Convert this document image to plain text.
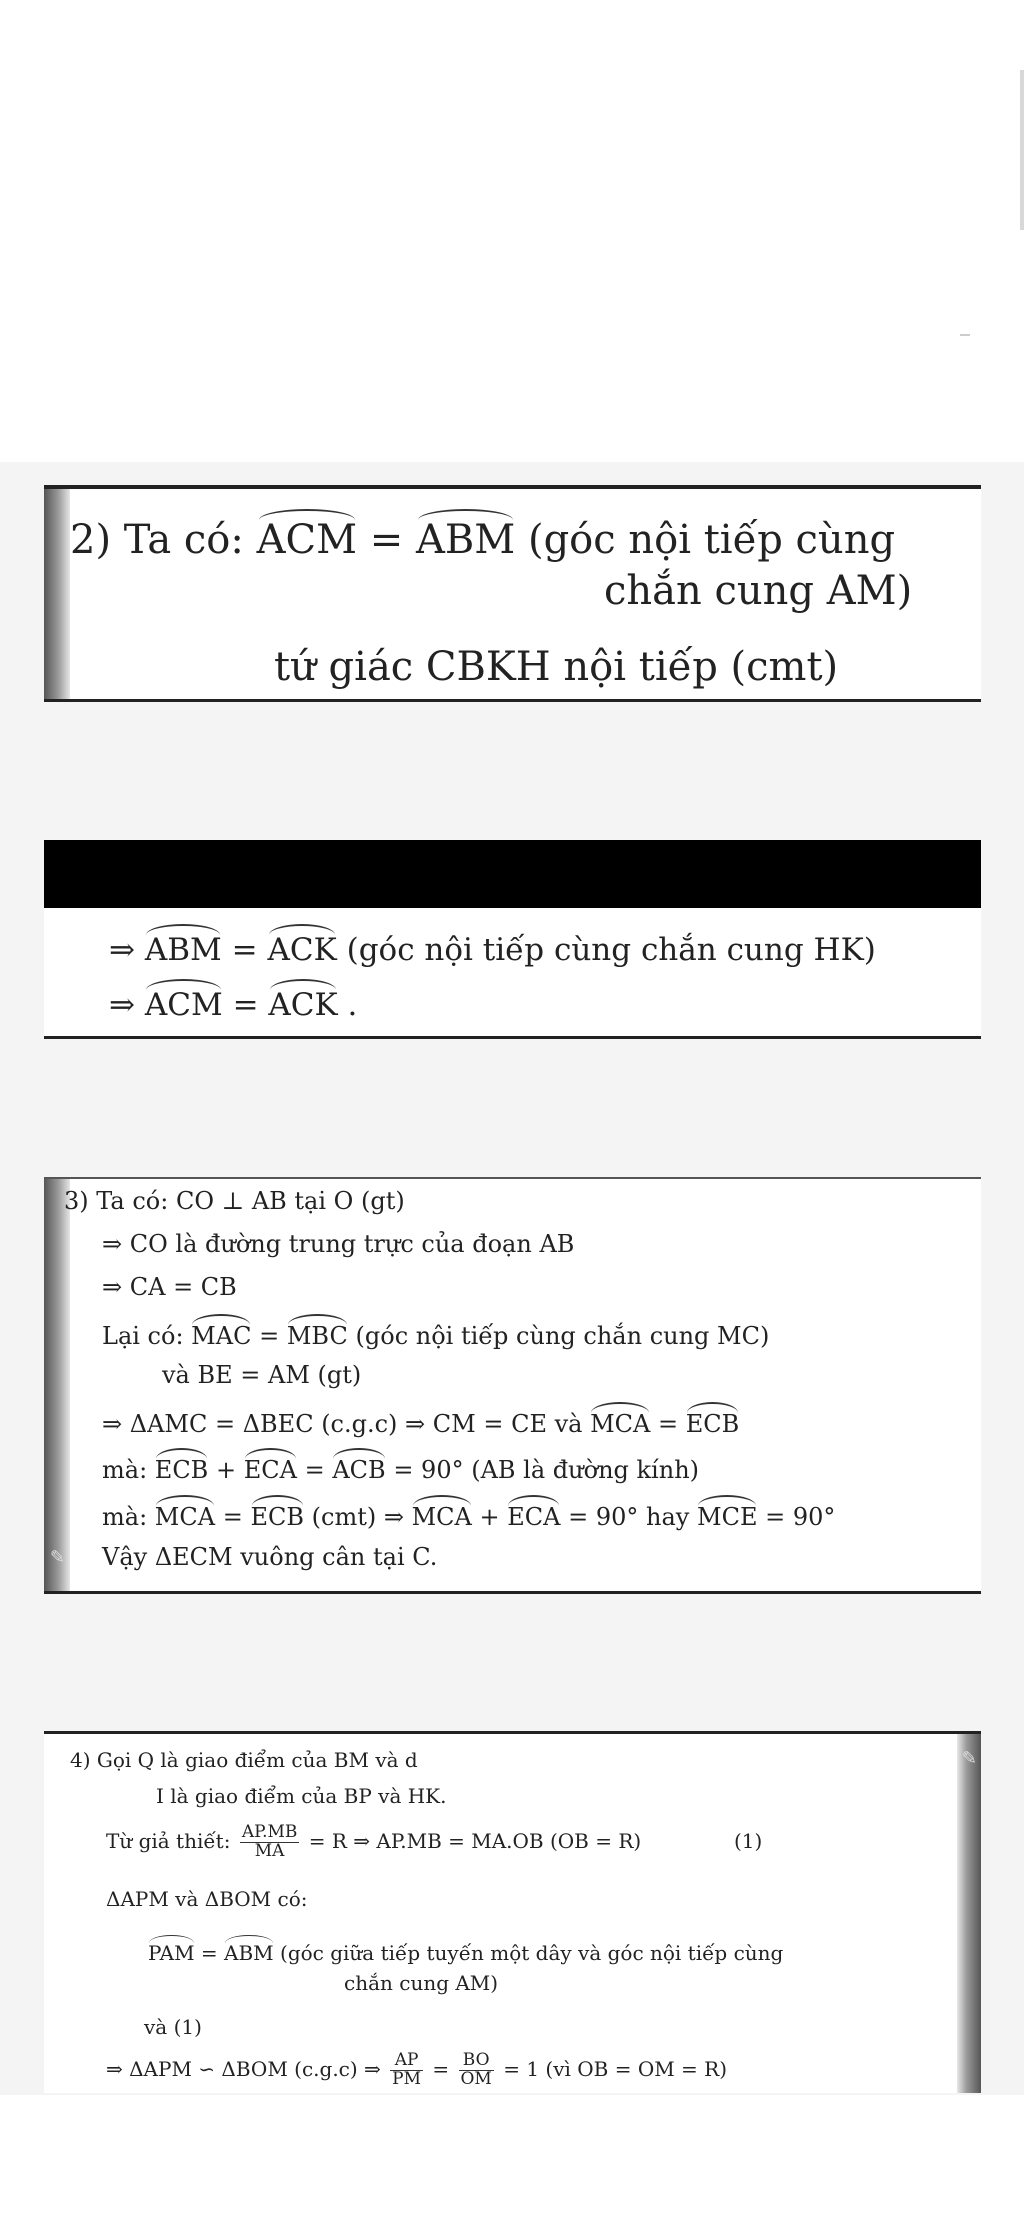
2) Ta có: ACM = ABM (góc nội tiếp cùng
chắn cung AM)
tứ giác CBKH nội tiếp (cmt)
⇒ ABM = ACK (góc nội tiếp cùng chắn cung HK)
⇒ ACM = ACK .
✎
3) Ta có: CO ⊥ AB tại O (gt)
⇒ CO là đường trung trực của đoạn AB
⇒ CA = CB
Lại có: MAC = MBC (góc nội tiếp cùng chắn cung MC)
và BE = AM (gt)
⇒ ΔAMC = ΔBEC (c.g.c) ⇒ CM = CE và MCA = ECB
mà: ECB + ECA = ACB = 90° (AB là đường kính)
mà: MCA = ECB (cmt) ⇒ MCA + ECA = 90° hay MCE = 90°
Vậy ΔECM vuông cân tại C.
✎
4) Gọi Q là giao điểm của BM và d
I là giao điểm của BP và HK.
Từ giả thiết: $\frac{AP.MB}{MA} = R$ ⇒ AP.MB = MA.OB (OB = R)	(1)
ΔAPM và ΔBOM có:
PAM = ABM (góc giữa tiếp tuyến một dây và góc nội tiếp cùng
chắn cung AM)
và (1)
⇒ ΔAPM ∽ ΔBOM (c.g.c) ⇒ $\frac{AP}{PM} = \frac{BO}{OM} = 1$ (vì OB = OM = R)
